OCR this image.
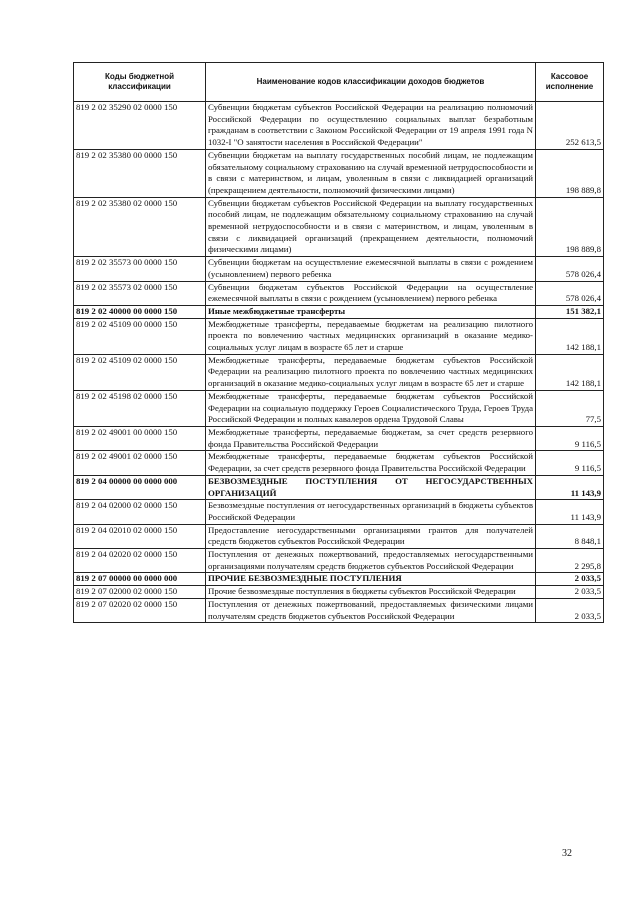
Коды бюджетной классификации	Наименование кодов классификации доходов бюджетов	Кассовое исполнение
819 2 02 35290 02 0000 150	Субвенции бюджетам субъектов Российской Федерации на реализацию полномочий Российской Федерации по осуществлению социальных выплат безработным гражданам в соответствии с Законом Российской Федерации от 19 апреля 1991 года N 1032-I "О занятости населения в Российской Федерации"	252 613,5
819 2 02 35380 00 0000 150	Субвенции бюджетам на выплату государственных пособий лицам, не подлежащим обязательному социальному страхованию на случай временной нетрудоспособности и в связи с материнством, и лицам, уволенным в связи с ликвидацией организаций (прекращением деятельности, полномочий физическими лицами)	198 889,8
819 2 02 35380 02 0000 150	Субвенции бюджетам субъектов Российской Федерации на выплату государственных пособий лицам, не подлежащим обязательному социальному страхованию на случай временной нетрудоспособности и в связи с материнством, и лицам, уволенным в связи с ликвидацией организаций (прекращением деятельности, полномочий физическими лицами)	198 889,8
819 2 02 35573 00 0000 150	Субвенции бюджетам на осуществление ежемесячной выплаты в связи с рождением (усыновлением) первого ребенка	578 026,4
819 2 02 35573 02 0000 150	Субвенции бюджетам субъектов Российской Федерации на осуществление ежемесячной выплаты в связи с рождением (усыновлением) первого ребенка	578 026,4
819 2 02 40000 00 0000 150	Иные межбюджетные трансферты	151 382,1
819 2 02 45109 00 0000 150	Межбюджетные трансферты, передаваемые бюджетам на реализацию пилотного проекта по вовлечению частных медицинских организаций в оказание медико-социальных услуг лицам в возрасте 65 лет и старше	142 188,1
819 2 02 45109 02 0000 150	Межбюджетные трансферты, передаваемые бюджетам субъектов Российской Федерации на реализацию пилотного проекта по вовлечению частных медицинских организаций в оказание медико-социальных услуг лицам в возрасте 65 лет и старше	142 188,1
819 2 02 45198 02 0000 150	Межбюджетные трансферты, передаваемые бюджетам субъектов Российской Федерации на социальную поддержку Героев Социалистического Труда, Героев Труда Российской Федерации и полных кавалеров ордена Трудовой Славы	77,5
819 2 02 49001 00 0000 150	Межбюджетные трансферты, передаваемые бюджетам, за счет средств резервного фонда Правительства Российской Федерации	9 116,5
819 2 02 49001 02 0000 150	Межбюджетные трансферты, передаваемые бюджетам субъектов Российской Федерации, за счет средств резервного фонда Правительства Российской Федерации	9 116,5
819 2 04 00000 00 0000 000	БЕЗВОЗМЕЗДНЫЕ ПОСТУПЛЕНИЯ ОТ НЕГОСУДАРСТВЕННЫХ ОРГАНИЗАЦИЙ	11 143,9
819 2 04 02000 02 0000 150	Безвозмездные поступления от негосударственных организаций в бюджеты субъектов Российской Федерации	11 143,9
819 2 04 02010 02 0000 150	Предоставление негосударственными организациями грантов для получателей средств бюджетов субъектов Российской Федерации	8 848,1
819 2 04 02020 02 0000 150	Поступления от денежных пожертвований, предоставляемых негосударственными организациями получателям средств бюджетов субъектов Российской Федерации	2 295,8
819 2 07 00000 00 0000 000	ПРОЧИЕ БЕЗВОЗМЕЗДНЫЕ ПОСТУПЛЕНИЯ	2 033,5
819 2 07 02000 02 0000 150	Прочие безвозмездные поступления в бюджеты субъектов Российской Федерации	2 033,5
819 2 07 02020 02 0000 150	Поступления от денежных пожертвований, предоставляемых физическими лицами получателям средств бюджетов субъектов Российской Федерации	2 033,5
32
